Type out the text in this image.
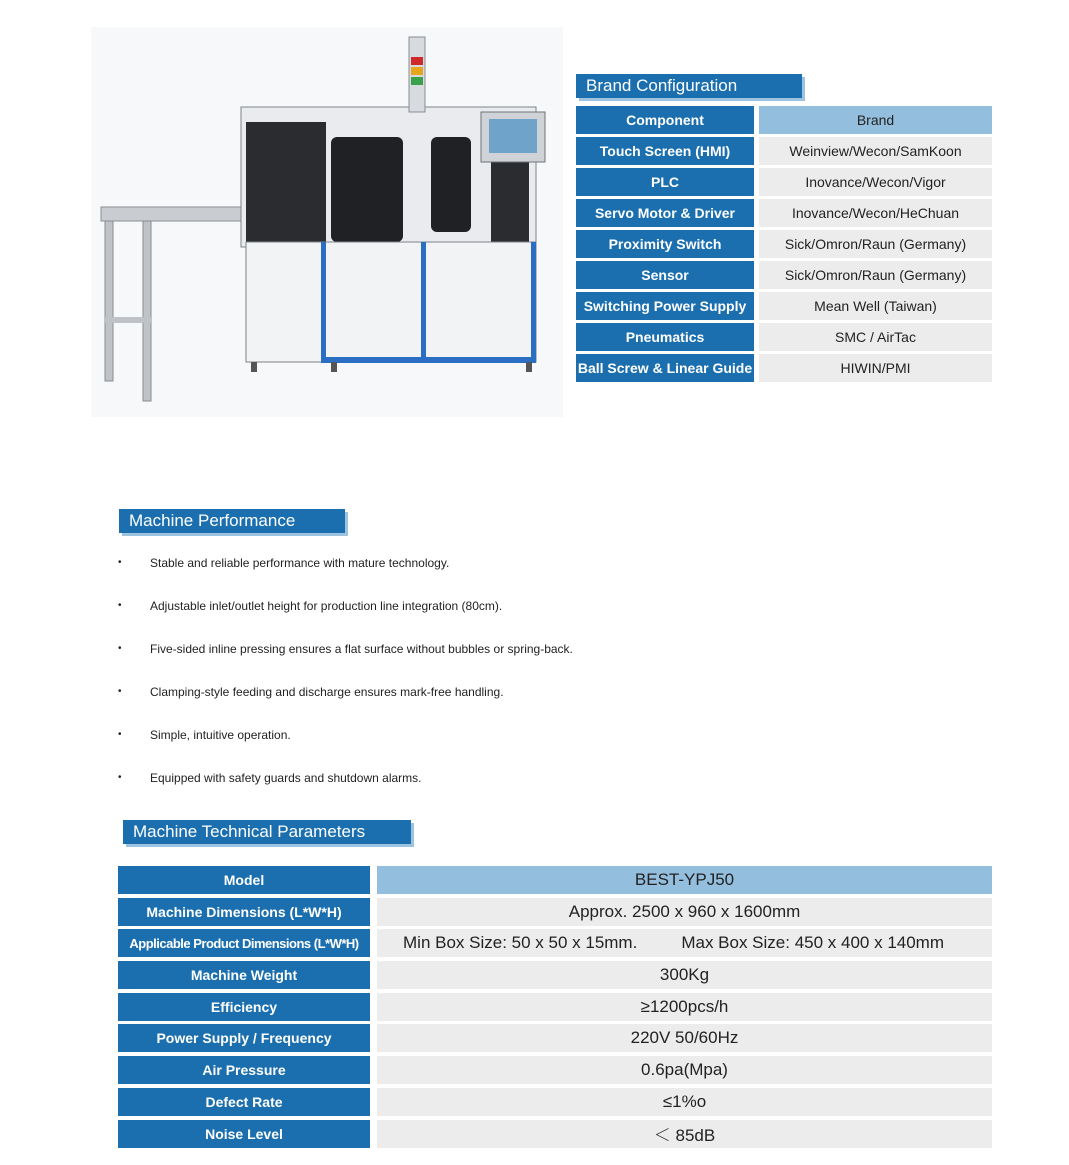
Brand Configuration
Component	Brand
Touch Screen (HMI)	Weinview/Wecon/SamKoon
PLC	Inovance/Wecon/Vigor
Servo Motor & Driver	Inovance/Wecon/HeChuan
Proximity Switch	Sick/Omron/Raun (Germany)
Sensor	Sick/Omron/Raun (Germany)
Switching Power Supply	Mean Well (Taiwan)
Pneumatics	SMC / AirTac
Ball Screw & Linear Guide	HIWIN/PMI
Machine Performance
• Stable and reliable performance with mature technology.
• Adjustable inlet/outlet height for production line integration (80cm).
• Five-sided inline pressing ensures a flat surface without bubbles or spring-back.
• Clamping-style feeding and discharge ensures mark-free handling.
• Simple, intuitive operation.
• Equipped with safety guards and shutdown alarms.
Machine Technical Parameters
Model	BEST-YPJ50
Machine Dimensions (L*W*H)	Approx. 2500 x 960 x 1600mm
Applicable Product Dimensions (L*W*H)	Min Box Size: 50 x 50 x 15mm.	Max Box Size: 450 x 400 x 140mm
Machine Weight	300Kg
Efficiency	≥1200pcs/h
Power Supply / Frequency	220V 50/60Hz
Air Pressure	0.6pa(Mpa)
Defect Rate	≤1%o
Noise Level	＜ 85dB
